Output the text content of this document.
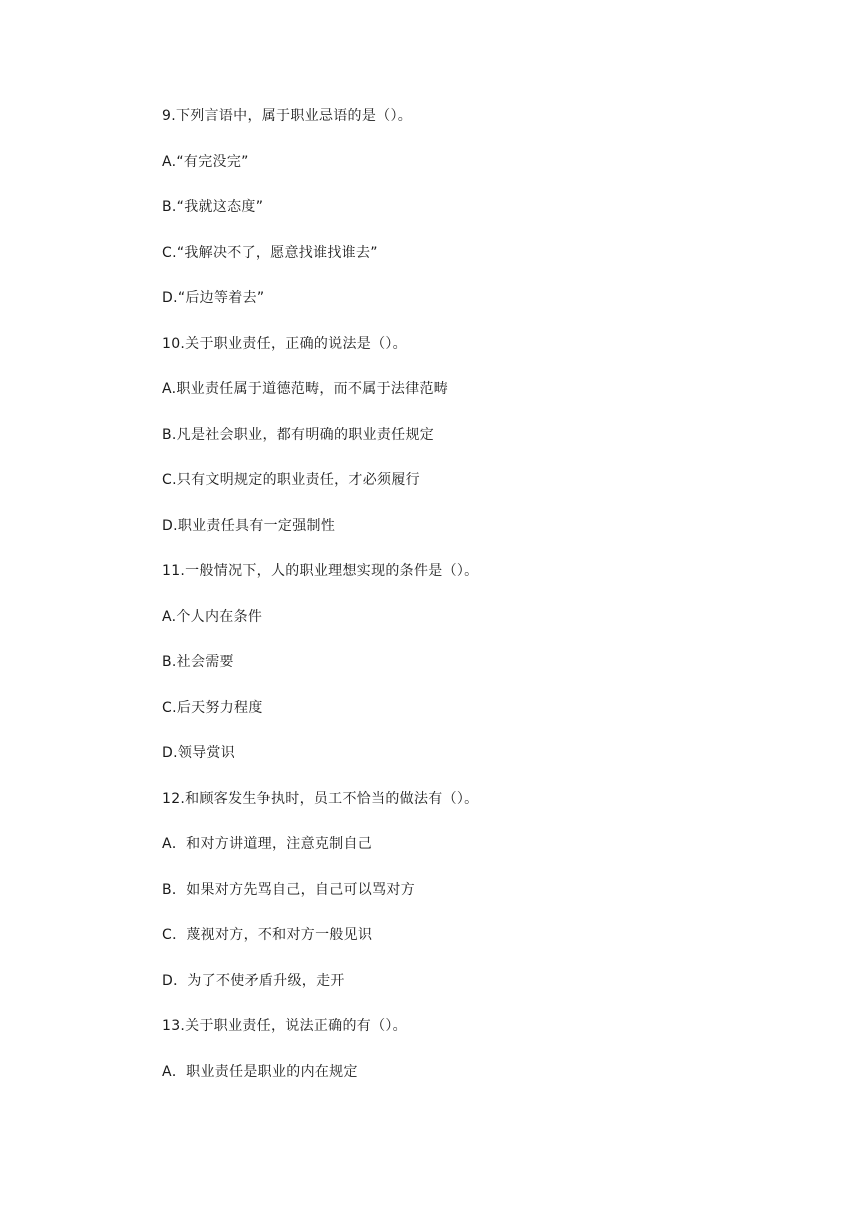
9.下列言语中，属于职业忌语的是（）。
A.“有完没完”
B.“我就这态度”
C.“我解决不了，愿意找谁找谁去”
D.“后边等着去”
10.关于职业责任，正确的说法是（）。
A.职业责任属于道德范畴，而不属于法律范畴
B.凡是社会职业，都有明确的职业责任规定
C.只有文明规定的职业责任，才必须履行
D.职业责任具有一定强制性
11.一般情况下，人的职业理想实现的条件是（）。
A.个人内在条件
B.社会需要
C.后天努力程度
D.领导赏识
12.和顾客发生争执时，员工不恰当的做法有（）。
A．和对方讲道理，注意克制自己
B．如果对方先骂自己，自己可以骂对方
C．蔑视对方，不和对方一般见识
D．为了不使矛盾升级，走开
13.关于职业责任，说法正确的有（）。
A．职业责任是职业的内在规定
